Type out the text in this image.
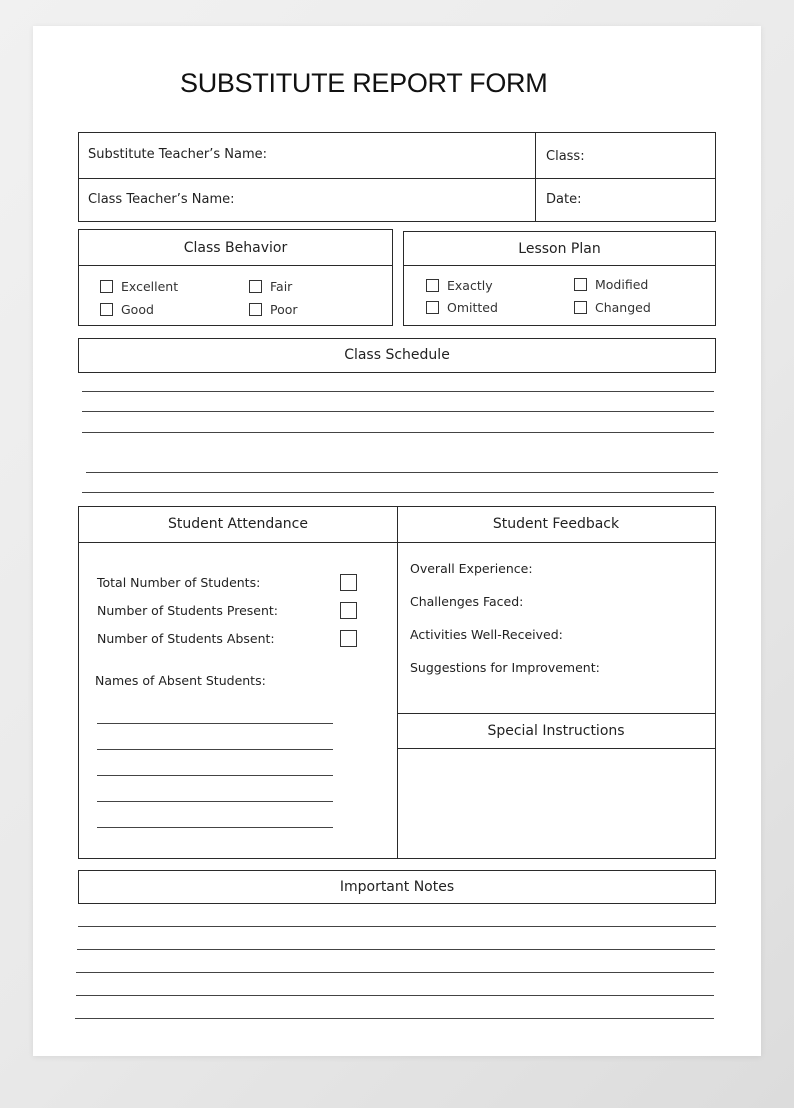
SUBSTITUTE REPORT FORM
Substitute Teacher’s Name:	Class:
Class Teacher’s Name:	Date:
Class Behavior
Excellent	Fair
Good	Poor
Lesson Plan
Exactly	Modified
Omitted	Changed
Class Schedule
Student Attendance
Total Number of Students:
Number of Students Present:
Number of Students Absent:
Names of Absent Students:
Student Feedback
Overall Experience:
Challenges Faced:
Activities Well-Received:
Suggestions for Improvement:
Special Instructions
Important Notes
